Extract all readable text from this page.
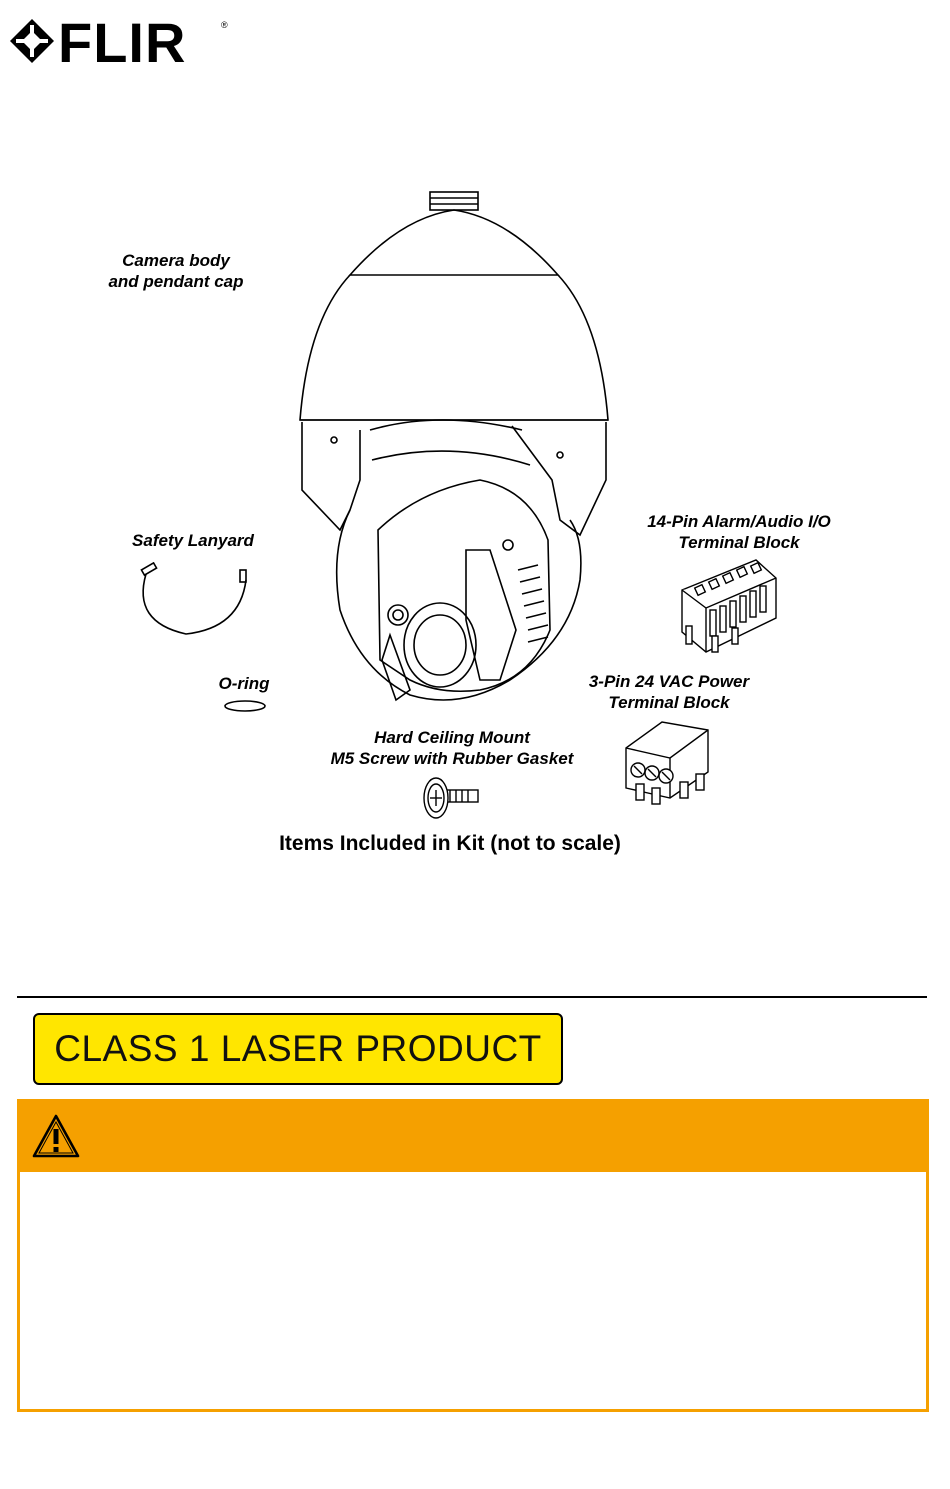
FLIR	®
Camera body
and pendant cap
Safety Lanyard
O-ring
14-Pin Alarm/Audio I/O
Terminal Block
3-Pin 24 VAC Power
Terminal Block
Hard Ceiling Mount
M5 Screw with Rubber Gasket
Items Included in Kit (not to scale)
CLASS 1 LASER PRODUCT
